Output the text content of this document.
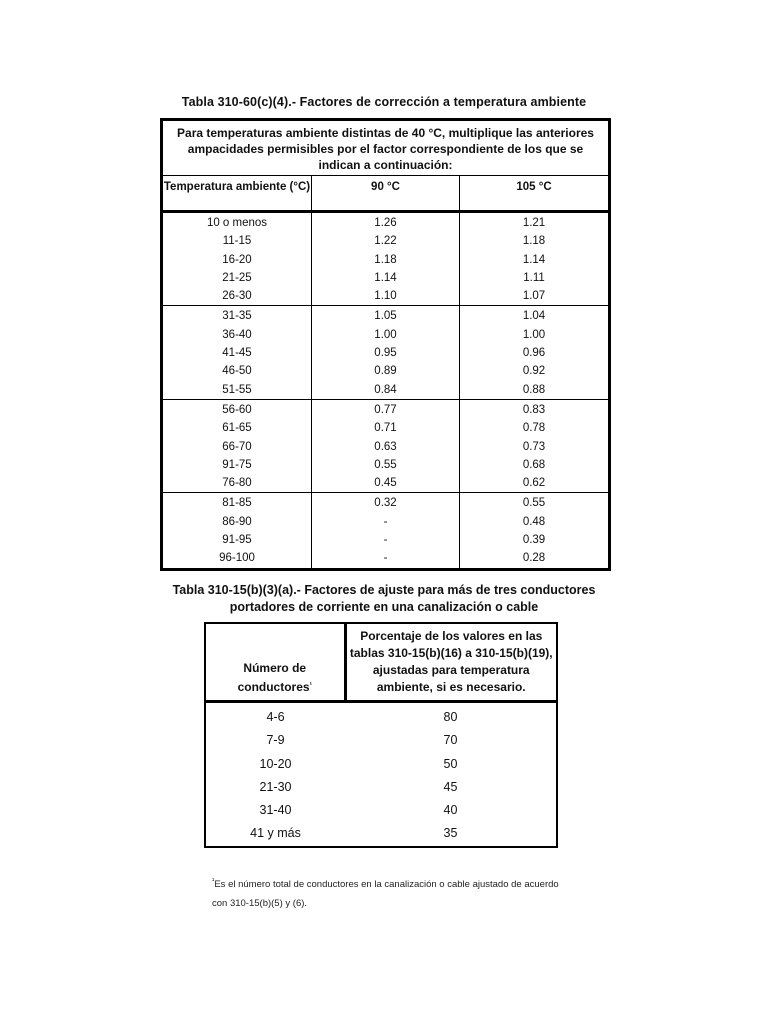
Tabla 310-60(c)(4).- Factores de corrección a temperatura ambiente
Para temperaturas ambiente distintas de 40 °C, multiplique las anteriores ampacidades permisibles por el factor correspondiente de los que se indican a continuación:		
Temperatura ambiente (°C)	90 °C	105 °C
10 o menos	1.26	1.21
11-15	1.22	1.18
16-20	1.18	1.14
21-25	1.14	1.11
26-30	1.10	1.07
31-35	1.05	1.04
36-40	1.00	1.00
41-45	0.95	0.96
46-50	0.89	0.92
51-55	0.84	0.88
56-60	0.77	0.83
61-65	0.71	0.78
66-70	0.63	0.73
91-75	0.55	0.68
76-80	0.45	0.62
81-85	0.32	0.55
86-90	-	0.48
91-95	-	0.39
96-100	-	0.28
Tabla 310-15(b)(3)(a).- Factores de ajuste para más de tres conductores
portadores de corriente en una canalización o cable
Número de conductores$^{^1}$	Porcentaje de los valores en las tablas 310-15(b)(16) a 310-15(b)(19), ajustadas para temperatura ambiente, si es necesario.
4-6	80
7-9	70
10-20	50
21-30	45
31-40	40
41 y más	35
$^{^1}$Es el número total de conductores en la canalización o cable ajustado de acuerdo con 310-15(b)(5) y (6).
